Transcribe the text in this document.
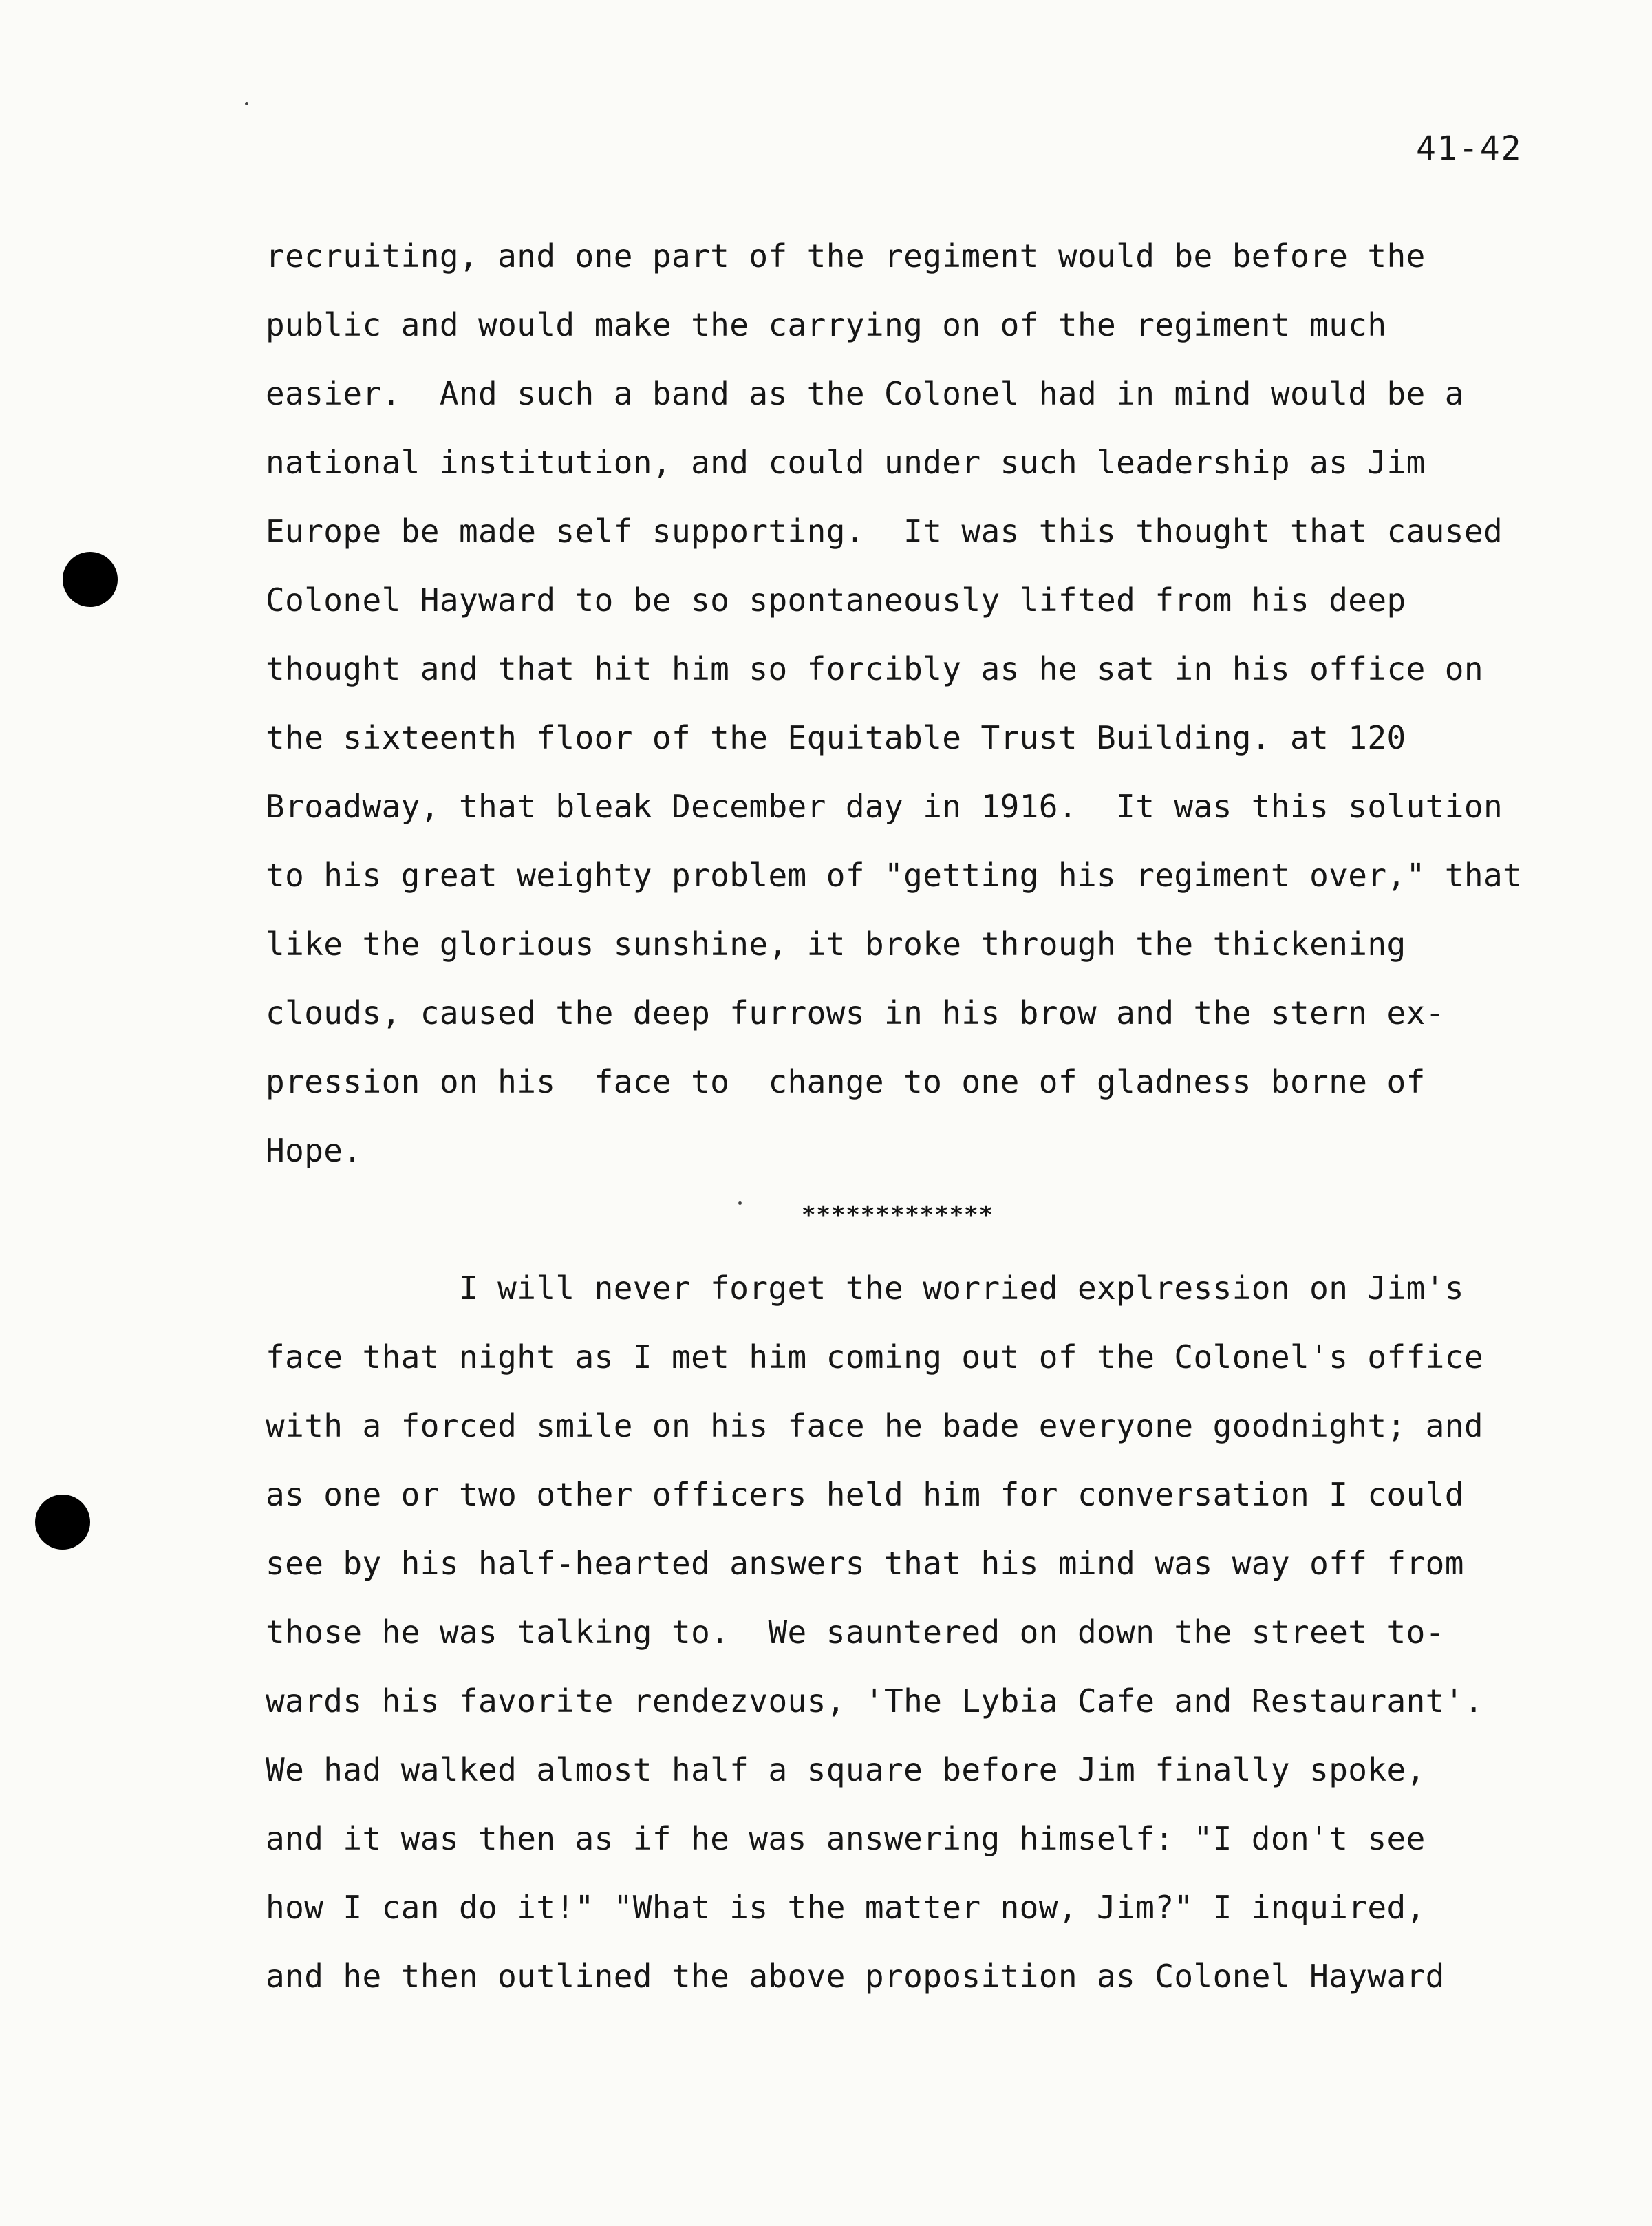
41-42
recruiting, and one part of the regiment would be before the
public and would make the carrying on of the regiment much
easier.  And such a band as the Colonel had in mind would be a
national institution, and could under such leadership as Jim
Europe be made self supporting.  It was this thought that caused
Colonel Hayward to be so spontaneously lifted from his deep
thought and that hit him so forcibly as he sat in his office on
the sixteenth floor of the Equitable Trust Building. at 120
Broadway, that bleak December day in 1916.  It was this solution
to his great weighty problem of "getting his regiment over," that
like the glorious sunshine, it broke through the thickening
clouds, caused the deep furrows in his brow and the stern ex-
pression on his  face to  change to one of gladness borne of
Hope.
*************
I will never forget the worried explression on Jim's
face that night as I met him coming out of the Colonel's office
with a forced smile on his face he bade everyone goodnight; and
as one or two other officers held him for conversation I could
see by his half-hearted answers that his mind was way off from
those he was talking to.  We sauntered on down the street to-
wards his favorite rendezvous, 'The Lybia Cafe and Restaurant'.
We had walked almost half a square before Jim finally spoke,
and it was then as if he was answering himself: "I don't see
how I can do it!" "What is the matter now, Jim?" I inquired,
and he then outlined the above proposition as Colonel Hayward
